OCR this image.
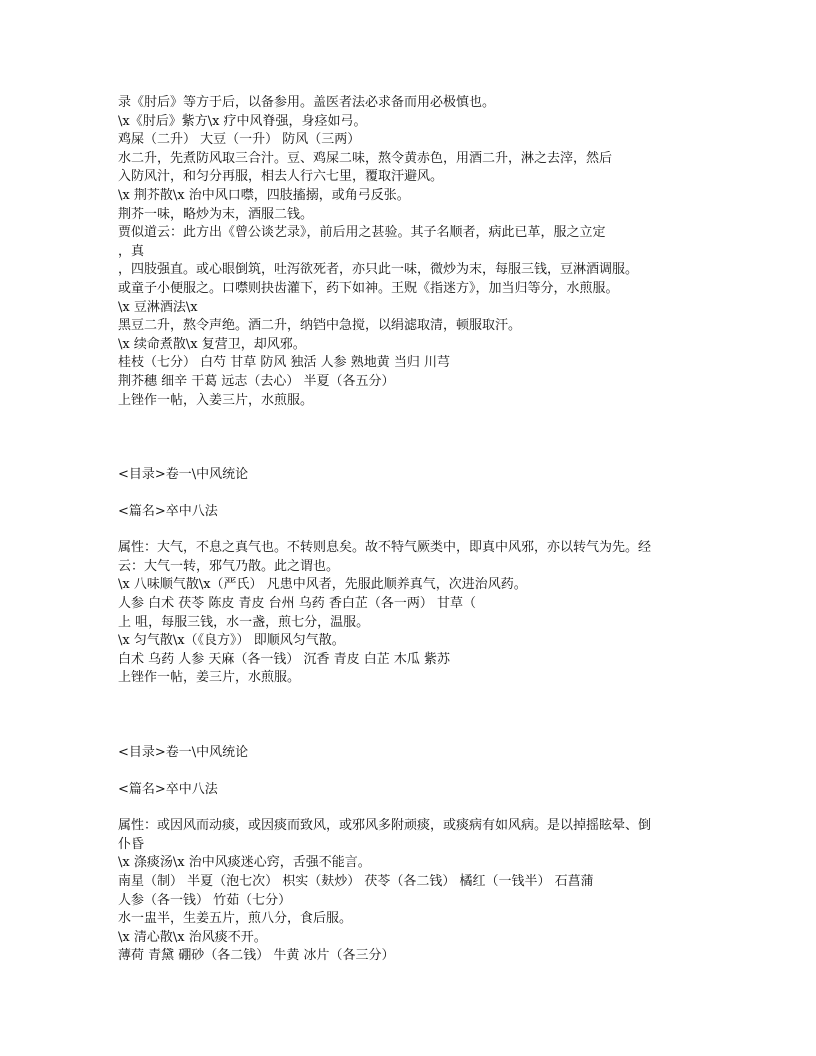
录《肘后》等方于后，以备参用。盖医者法必求备而用必极慎也。

\x《肘后》紫方\x 疗中风脊强，身痉如弓。

鸡屎（二升） 大豆（一升） 防风（三两）

水二升，先煮防风取三合汁。豆、鸡屎二味，熬令黄赤色，用酒二升，淋之去滓，然后

入防风汁，和匀分再服，相去人行六七里，覆取汗避风。

\x 荆芥散\x 治中风口噤，四肢搐搦，或角弓反张。

荆芥一味，略炒为末，酒服二钱。

贾似道云：此方出《曾公谈艺录》，前后用之甚验。其子名顺者，病此已革，服之立定

，真

，四肢强直。或心眼倒筑，吐泻欲死者，亦只此一味，微炒为末，每服三钱，豆淋酒调服。

或童子小便服之。口噤则抉齿灌下，药下如神。王贶《指迷方》，加当归等分，水煎服。

\x 豆淋酒法\x

黑豆二升，熬令声绝。酒二升，纳铛中急搅，以绢滤取清，顿服取汗。

\x 续命煮散\x 复营卫，却风邪。

桂枝（七分） 白芍 甘草 防风 独活 人参 熟地黄 当归 川芎

荆芥穗 细辛 干葛 远志（去心） 半夏（各五分）

上锉作一帖，入姜三片，水煎服。

<目录>卷一\中风统论

<篇名>卒中八法

属性：大气，不息之真气也。不转则息矣。故不特气厥类中，即真中风邪，亦以转气为先。经

云：大气一转，邪气乃散。此之谓也。

\x 八味顺气散\x（严氏） 凡患中风者，先服此顺养真气，次进治风药。

人参 白术 茯苓 陈皮 青皮 台州 乌药 香白芷（各一两） 甘草（

上 咀，每服三钱，水一盏，煎七分，温服。

\x 匀气散\x（《良方》） 即顺风匀气散。

白术 乌药 人参 天麻（各一钱） 沉香 青皮 白芷 木瓜 紫苏

上锉作一帖，姜三片，水煎服。

<目录>卷一\中风统论

<篇名>卒中八法

属性：或因风而动痰，或因痰而致风，或邪风多附顽痰，或痰病有如风病。是以掉摇眩晕、倒

仆昏

\x 涤痰汤\x 治中风痰迷心窍，舌强不能言。

南星（制） 半夏（泡七次） 枳实（麸炒） 茯苓（各二钱） 橘红（一钱半） 石菖蒲

人参（各一钱） 竹茹（七分）

水一盅半，生姜五片，煎八分，食后服。

\x 清心散\x 治风痰不开。

薄荷 青黛 硼砂（各二钱） 牛黄 冰片（各三分）
